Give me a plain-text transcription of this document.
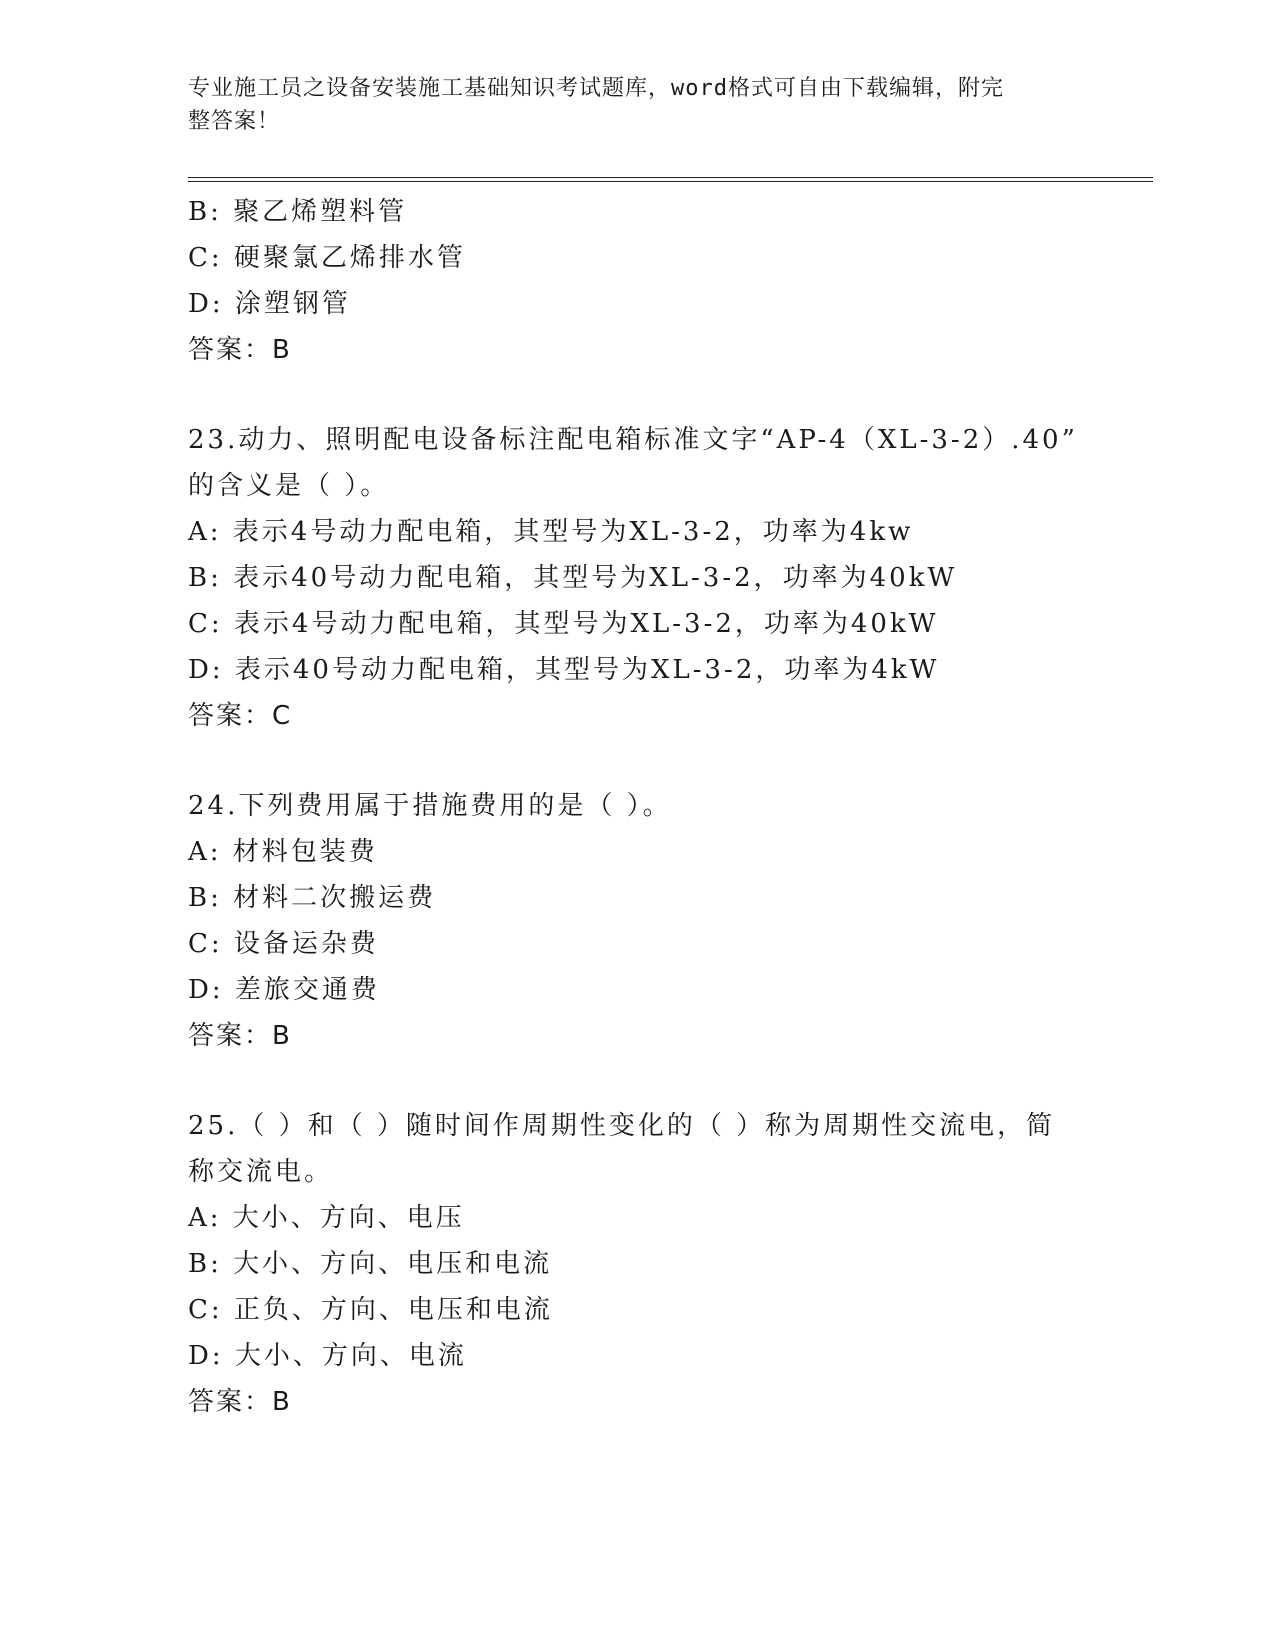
专业施工员之设备安装施工基础知识考试题库，word格式可自由下载编辑，附完
整答案！
B: 聚乙烯塑料管
C: 硬聚氯乙烯排水管
D: 涂塑钢管
答案：B
23.动力、照明配电设备标注配电箱标准文字“AP-4（XL-3-2）.40”
的含义是（ ）。
A: 表示4号动力配电箱，其型号为XL-3-2，功率为4kw
B: 表示40号动力配电箱，其型号为XL-3-2，功率为40kW
C: 表示4号动力配电箱，其型号为XL-3-2，功率为40kW
D: 表示40号动力配电箱，其型号为XL-3-2，功率为4kW
答案：C
24.下列费用属于措施费用的是（ ）。
A: 材料包装费
B: 材料二次搬运费
C: 设备运杂费
D: 差旅交通费
答案：B
25.（ ）和（ ）随时间作周期性变化的（ ）称为周期性交流电，简
称交流电。
A: 大小、方向、电压
B: 大小、方向、电压和电流
C: 正负、方向、电压和电流
D: 大小、方向、电流
答案：B
